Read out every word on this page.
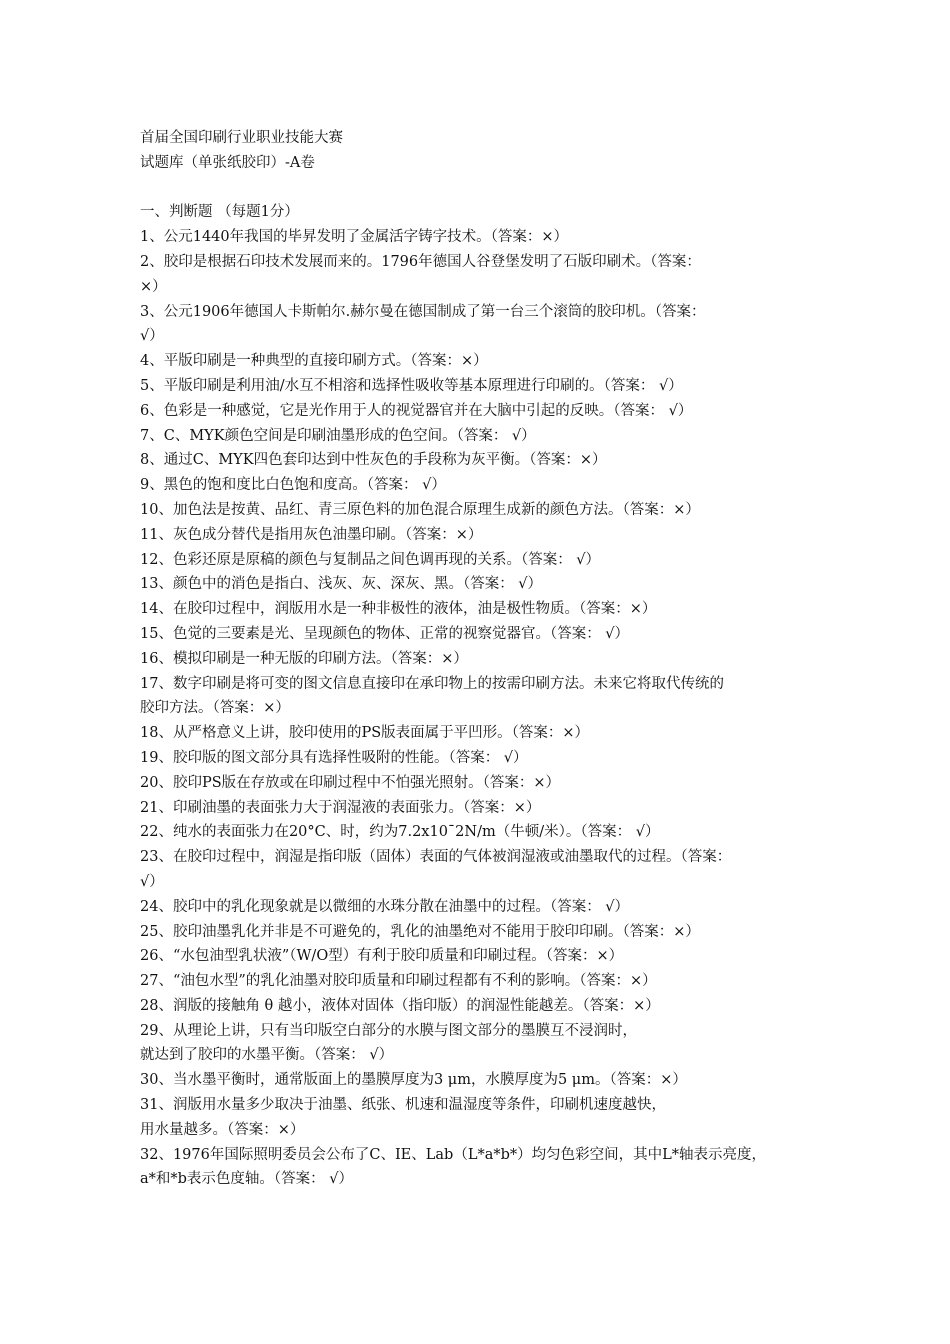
首届全国印刷行业职业技能大赛
试题库（单张纸胶印）-A卷
一、判断题 （每题1分）
1、公元1440年我国的毕昇发明了金属活字铸字技术。（答案：×）
2、胶印是根据石印技术发展而来的。1796年德国人谷登堡发明了石版印刷术。（答案：
×）
3、公元1906年德国人卡斯帕尔.赫尔曼在德国制成了第一台三个滚筒的胶印机。（答案：
√）
4、平版印刷是一种典型的直接印刷方式。（答案：×）
5、平版印刷是利用油/水互不相溶和选择性吸收等基本原理进行印刷的。（答案： √）
6、色彩是一种感觉，它是光作用于人的视觉器官并在大脑中引起的反映。（答案： √）
7、C、MYK颜色空间是印刷油墨形成的色空间。（答案： √）
8、通过C、MYK四色套印达到中性灰色的手段称为灰平衡。（答案：×）
9、黑色的饱和度比白色饱和度高。（答案： √）
10、加色法是按黄、品红、青三原色料的加色混合原理生成新的颜色方法。（答案：×）
11、灰色成分替代是指用灰色油墨印刷。（答案：×）
12、色彩还原是原稿的颜色与复制品之间色调再现的关系。（答案： √）
13、颜色中的消色是指白、浅灰、灰、深灰、黑。（答案： √）
14、在胶印过程中，润版用水是一种非极性的液体，油是极性物质。（答案：×）
15、色觉的三要素是光、呈现颜色的物体、正常的视察觉器官。（答案： √）
16、模拟印刷是一种无版的印刷方法。（答案：×）
17、数字印刷是将可变的图文信息直接印在承印物上的按需印刷方法。未来它将取代传统的
胶印方法。（答案：×）
18、从严格意义上讲，胶印使用的PS版表面属于平凹形。（答案：×）
19、胶印版的图文部分具有选择性吸附的性能。（答案： √）
20、胶印PS版在存放或在印刷过程中不怕强光照射。（答案：×）
21、印刷油墨的表面张力大于润湿液的表面张力。（答案：×）
22、纯水的表面张力在20°C、时，约为7.2x10¯2N/m（牛顿/米）。（答案： √）
23、在胶印过程中，润湿是指印版（固体）表面的气体被润湿液或油墨取代的过程。（答案：
√）
24、胶印中的乳化现象就是以微细的水珠分散在油墨中的过程。（答案： √）
25、胶印油墨乳化并非是不可避免的，乳化的油墨绝对不能用于胶印印刷。（答案：×）
26、“水包油型乳状液”（W/O型）有利于胶印质量和印刷过程。（答案：×）
27、“油包水型”的乳化油墨对胶印质量和印刷过程都有不利的影响。（答案：×）
28、润版的接触角 θ 越小，液体对固体（指印版）的润湿性能越差。（答案：×）
29、从理论上讲，只有当印版空白部分的水膜与图文部分的墨膜互不浸润时，
就达到了胶印的水墨平衡。（答案： √）
30、当水墨平衡时，通常版面上的墨膜厚度为3 μm，水膜厚度为5 μm。（答案：×）
31、润版用水量多少取决于油墨、纸张、机速和温湿度等条件，印刷机速度越快，
用水量越多。（答案：×）
32、1976年国际照明委员会公布了C、IE、Lab（L*a*b*）均匀色彩空间，其中L*轴表示亮度，
a*和*b表示色度轴。（答案： √）
